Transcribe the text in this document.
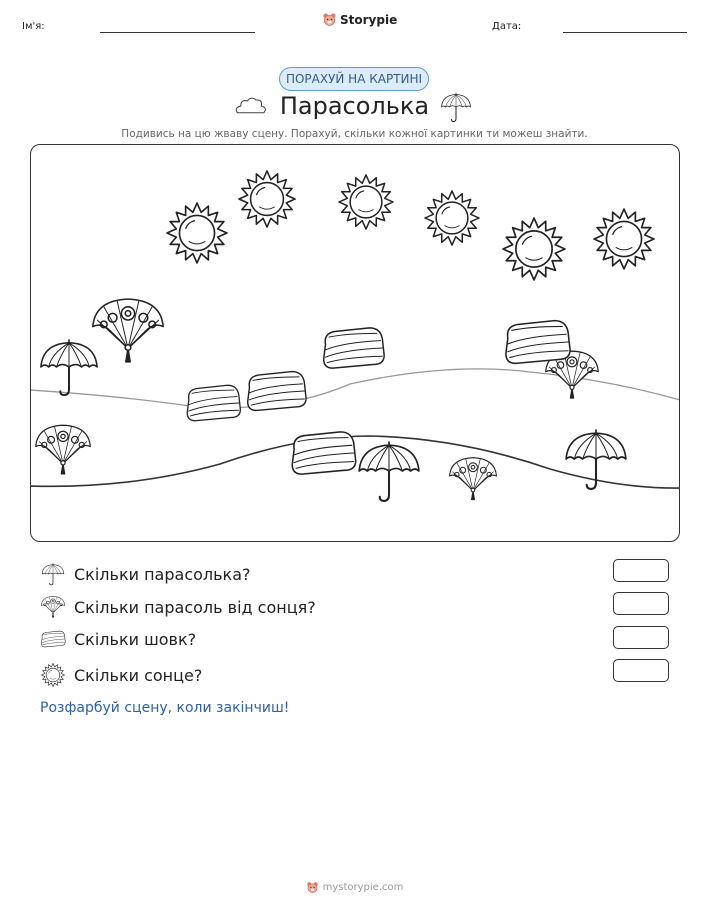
Ім'я:	Storypie	Дата:
ПОРАХУЙ НА КАРТИНІ
Парасолька
Подивись на цю жваву сцену. Порахуй, скільки кожної картинки ти можеш знайти.
Скільки парасолька?
Скільки парасоль від сонця?
Скільки шовк?
Скільки сонце?
Розфарбуй сцену, коли закінчиш!
mystorypie.com
